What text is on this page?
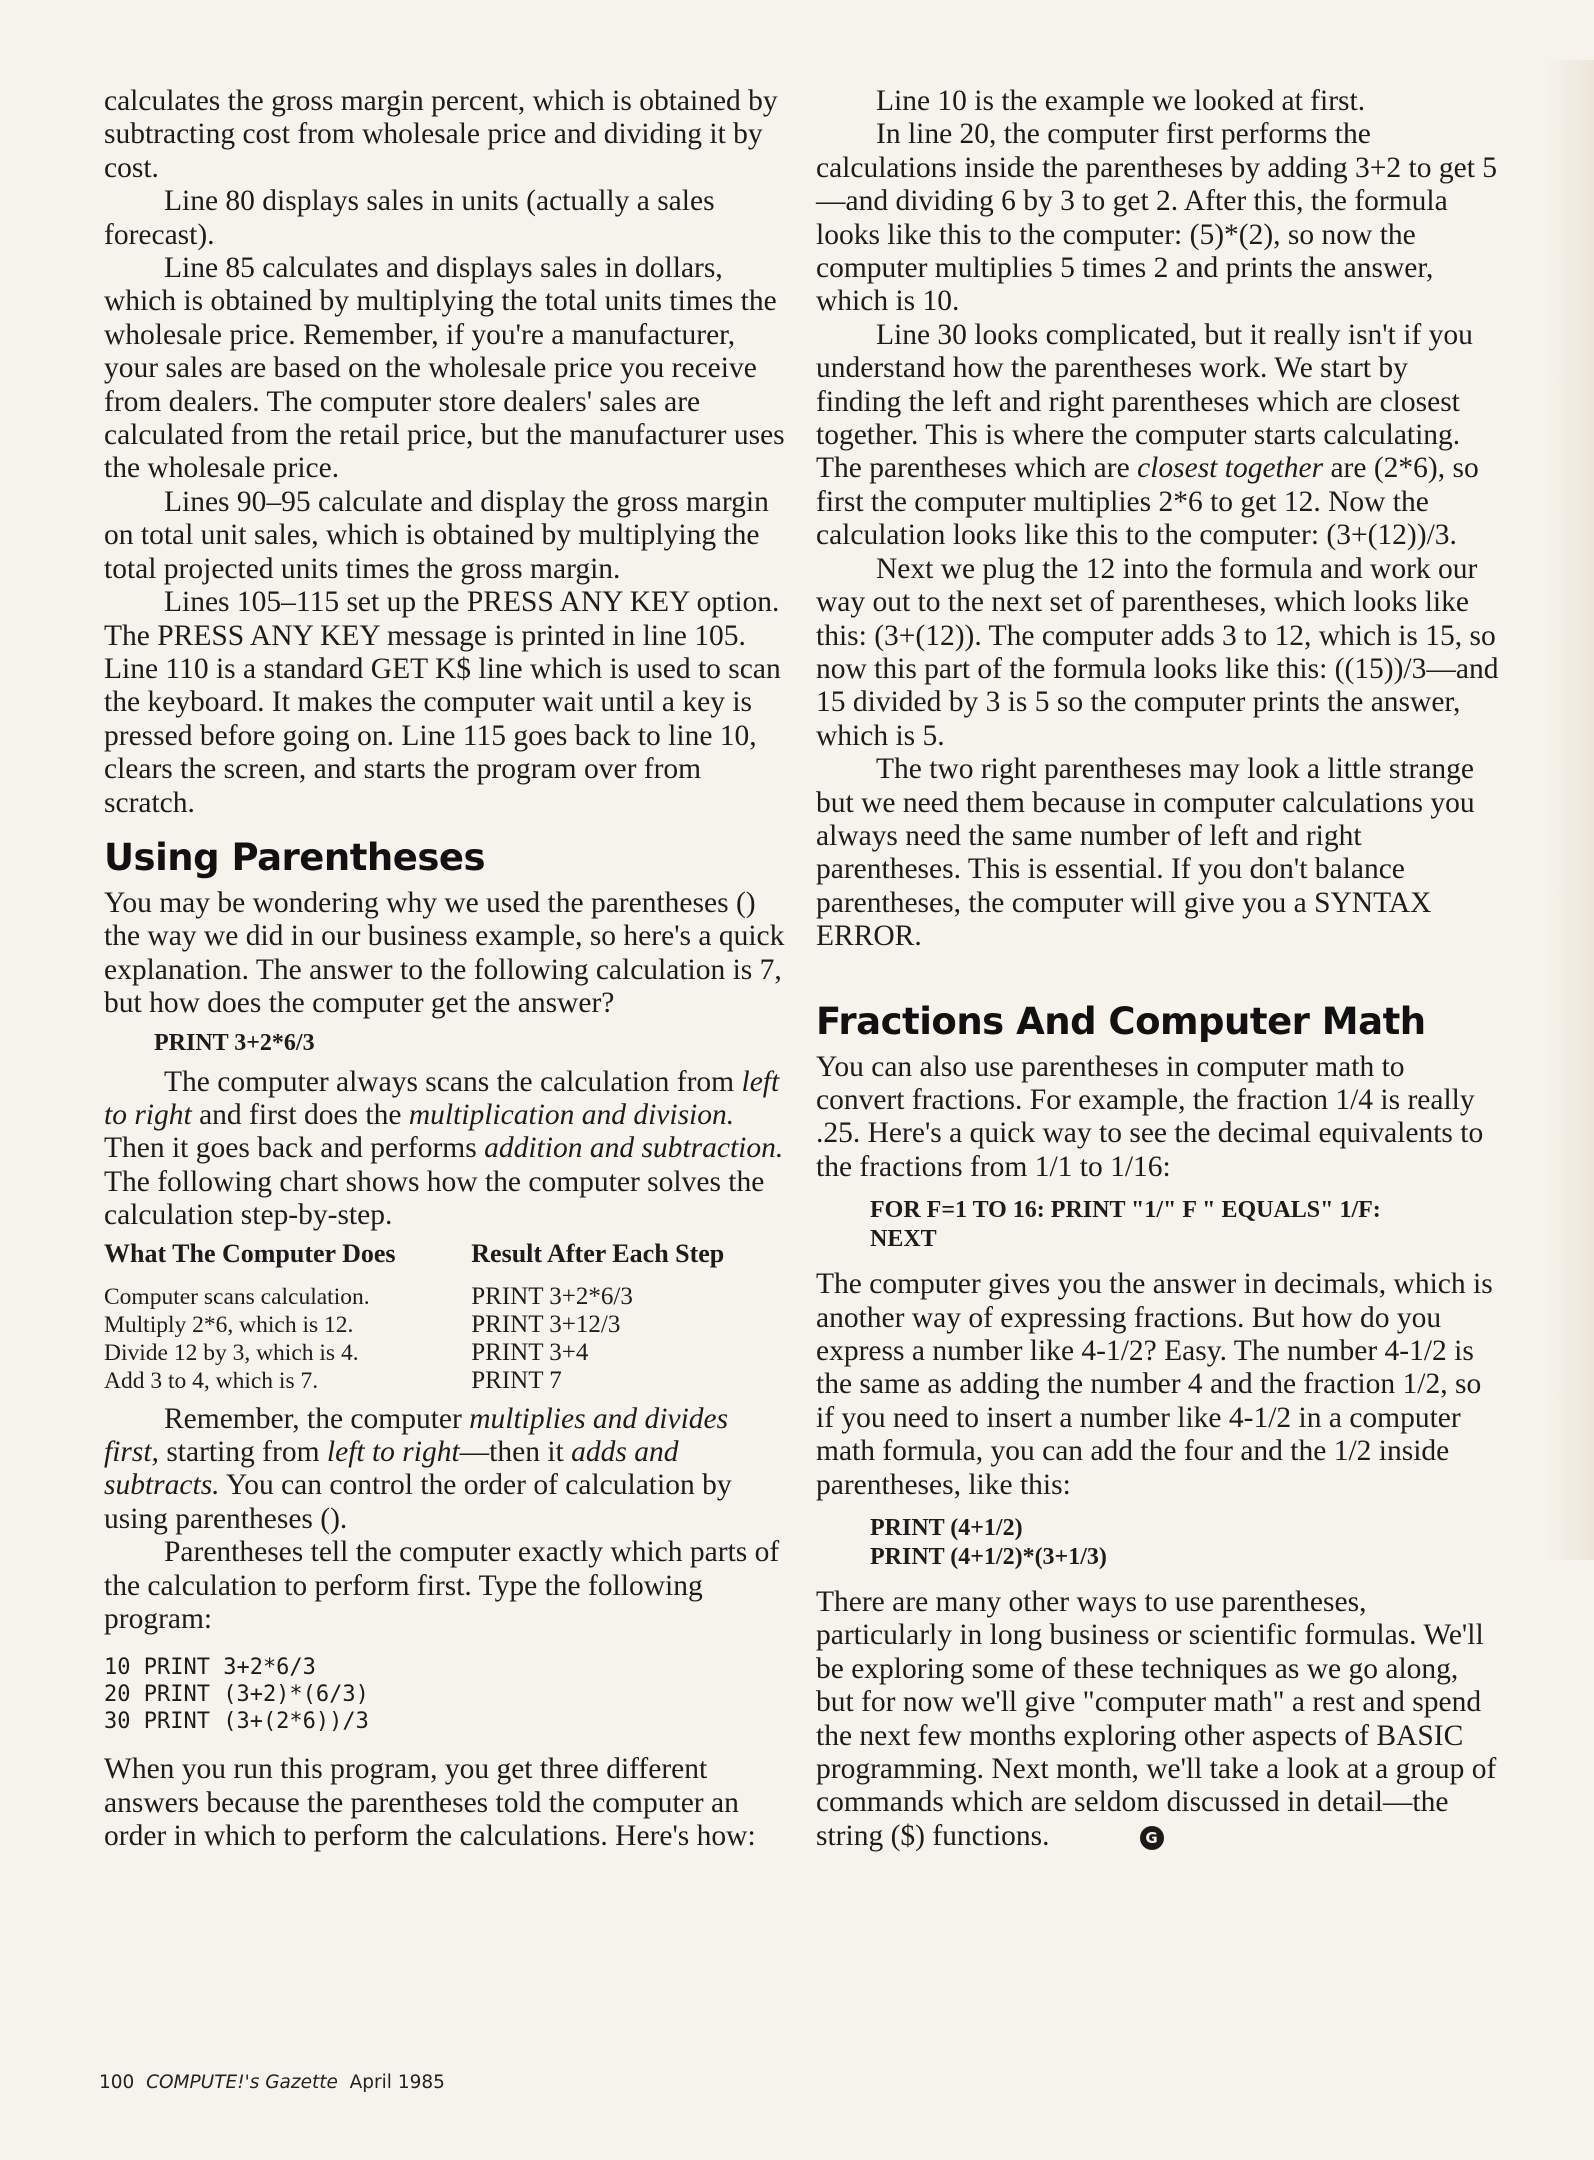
calculates the gross margin percent, which is obtained by subtracting cost from wholesale price and dividing it by cost.

Line 80 displays sales in units (actually a sales forecast).

Line 85 calculates and displays sales in dollars, which is obtained by multiplying the total units times the wholesale price. Remember, if you're a manufacturer, your sales are based on the wholesale price you receive from dealers. The computer store dealers' sales are calculated from the retail price, but the manufacturer uses the wholesale price.

Lines 90–95 calculate and display the gross margin on total unit sales, which is obtained by multiplying the total projected units times the gross margin.

Lines 105–115 set up the PRESS ANY KEY option. The PRESS ANY KEY message is printed in line 105. Line 110 is a standard GET K$ line which is used to scan the keyboard. It makes the computer wait until a key is pressed before going on. Line 115 goes back to line 10, clears the screen, and starts the program over from scratch.

Using Parentheses

You may be wondering why we used the parentheses () the way we did in our business example, so here's a quick explanation. The answer to the following calculation is 7, but how does the computer get the answer?

PRINT 3+2*6/3

The computer always scans the calculation from left to right and first does the multiplication and division. Then it goes back and performs addition and subtraction. The following chart shows how the computer solves the calculation step-by-step.

What The Computer Does	Result After Each Step
Computer scans calculation.	PRINT 3+2*6/3
Multiply 2*6, which is 12.	PRINT 3+12/3
Divide 12 by 3, which is 4.	PRINT 3+4
Add 3 to 4, which is 7.	PRINT 7

Remember, the computer multiplies and divides first, starting from left to right—then it adds and subtracts. You can control the order of calculation by using parentheses ().

Parentheses tell the computer exactly which parts of the calculation to perform first. Type the following program:

10 PRINT 3+2*6/3
20 PRINT (3+2)*(6/3)
30 PRINT (3+(2*6))/3

When you run this program, you get three different answers because the parentheses told the computer an order in which to perform the calculations. Here's how:

Line 10 is the example we looked at first.

In line 20, the computer first performs the calculations inside the parentheses by adding 3+2 to get 5—and dividing 6 by 3 to get 2. After this, the formula looks like this to the computer: (5)*(2), so now the computer multiplies 5 times 2 and prints the answer, which is 10.

Line 30 looks complicated, but it really isn't if you understand how the parentheses work. We start by finding the left and right parentheses which are closest together. This is where the computer starts calculating. The parentheses which are closest together are (2*6), so first the computer multiplies 2*6 to get 12. Now the calculation looks like this to the computer: (3+(12))/3.

Next we plug the 12 into the formula and work our way out to the next set of parentheses, which looks like this: (3+(12)). The computer adds 3 to 12, which is 15, so now this part of the formula looks like this: ((15))/3—and 15 divided by 3 is 5 so the computer prints the answer, which is 5.

The two right parentheses may look a little strange but we need them because in computer calculations you always need the same number of left and right parentheses. This is essential. If you don't balance parentheses, the computer will give you a SYNTAX ERROR.

Fractions And Computer Math

You can also use parentheses in computer math to convert fractions. For example, the fraction 1/4 is really .25. Here's a quick way to see the decimal equivalents to the fractions from 1/1 to 1/16:

FOR F=1 TO 16: PRINT "1/" F " EQUALS" 1/F:
NEXT

The computer gives you the answer in decimals, which is another way of expressing fractions. But how do you express a number like 4-1/2? Easy. The number 4-1/2 is the same as adding the number 4 and the fraction 1/2, so if you need to insert a number like 4-1/2 in a computer math formula, you can add the four and the 1/2 inside parentheses, like this:

PRINT (4+1/2)
PRINT (4+1/2)*(3+1/3)

There are many other ways to use parentheses, particularly in long business or scientific formulas. We'll be exploring some of these techniques as we go along, but for now we'll give "computer math" a rest and spend the next few months exploring other aspects of BASIC programming. Next month, we'll take a look at a group of commands which are seldom discussed in detail—the string ($) functions.	G

100 COMPUTE!'s Gazette April 1985
